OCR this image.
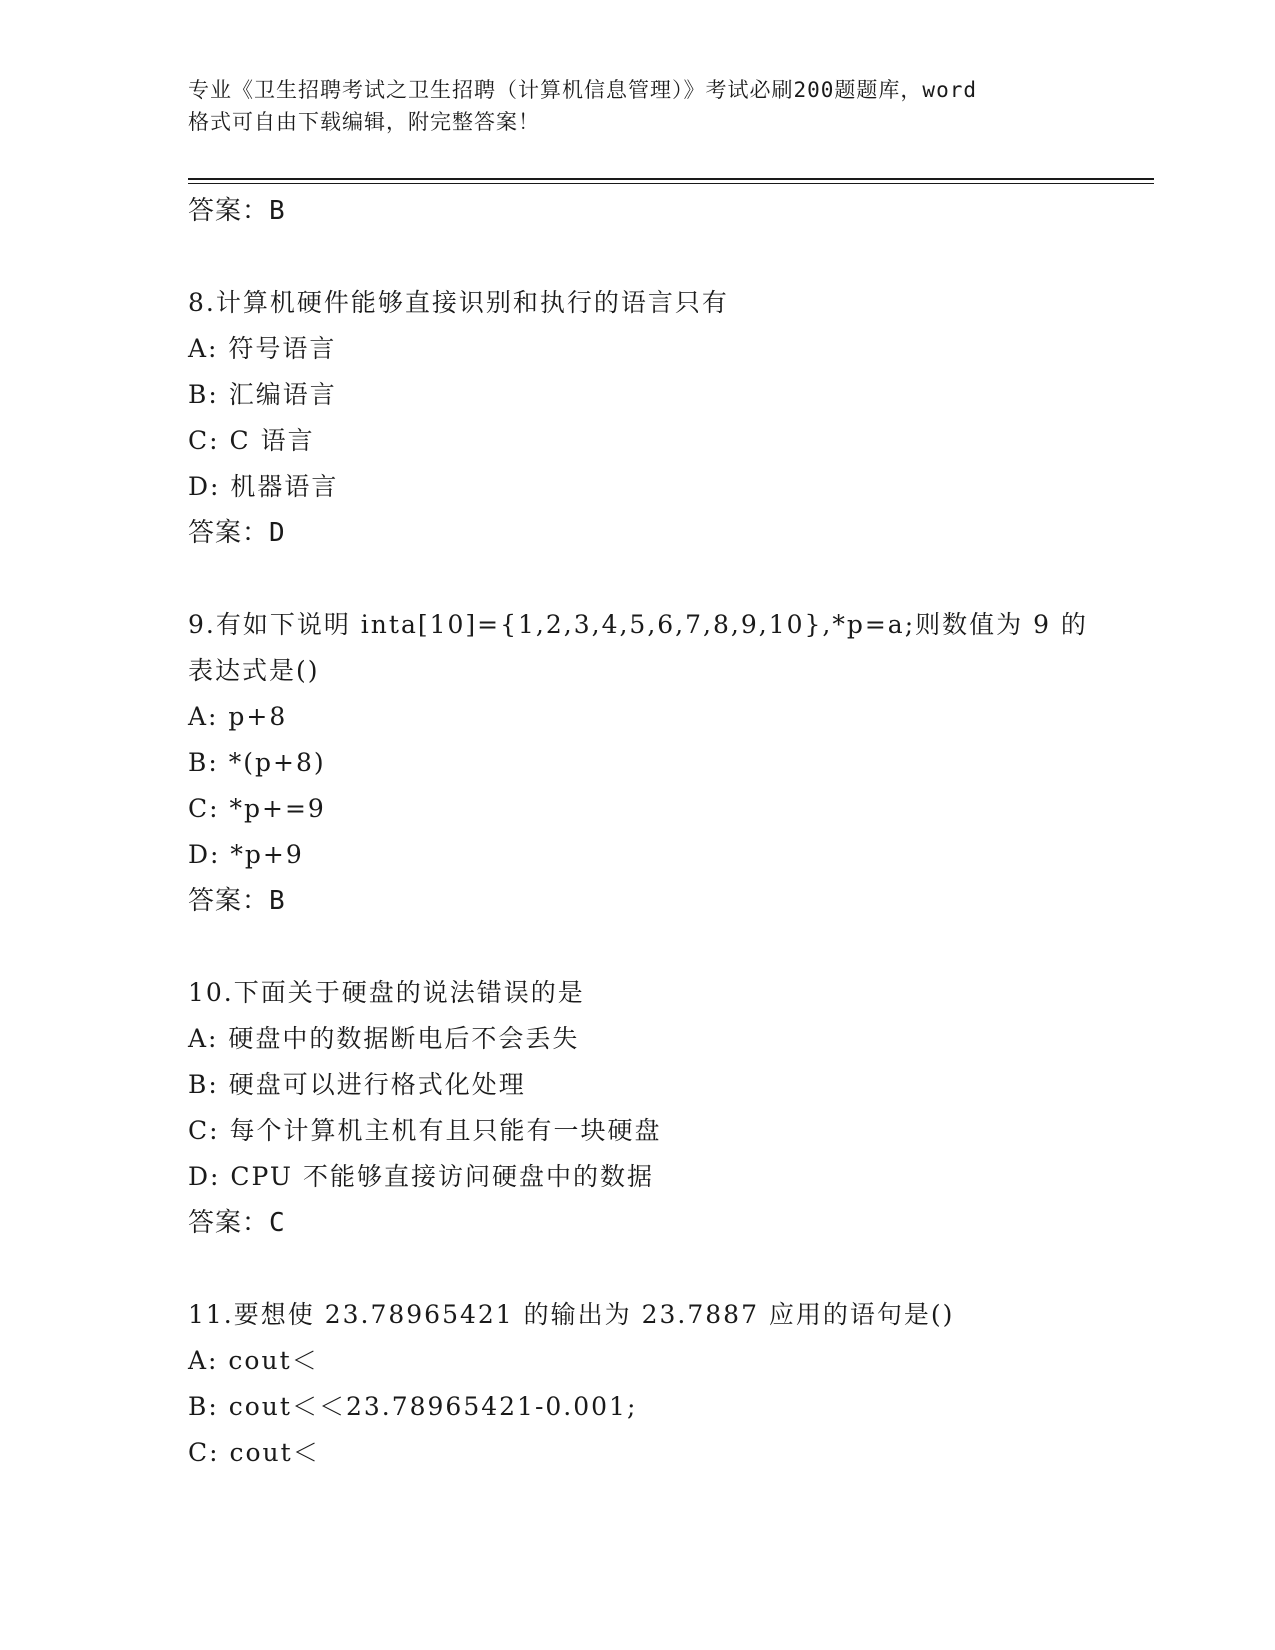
专业《卫生招聘考试之卫生招聘（计算机信息管理）》考试必刷200题题库，word
格式可自由下载编辑，附完整答案！
答案：B
8.计算机硬件能够直接识别和执行的语言只有
A: 符号语言
B: 汇编语言
C: C 语言
D: 机器语言
答案：D
9.有如下说明 inta[10]={1,2,3,4,5,6,7,8,9,10},*p=a;则数值为 9 的
表达式是()
A: p+8
B: *(p+8)
C: *p+=9
D: *p+9
答案：B
10.下面关于硬盘的说法错误的是
A: 硬盘中的数据断电后不会丢失
B: 硬盘可以进行格式化处理
C: 每个计算机主机有且只能有一块硬盘
D: CPU 不能够直接访问硬盘中的数据
答案：C
11.要想使 23.78965421 的输出为 23.7887 应用的语句是()
A: cout＜
B: cout＜＜23.78965421-0.001;
C: cout＜
